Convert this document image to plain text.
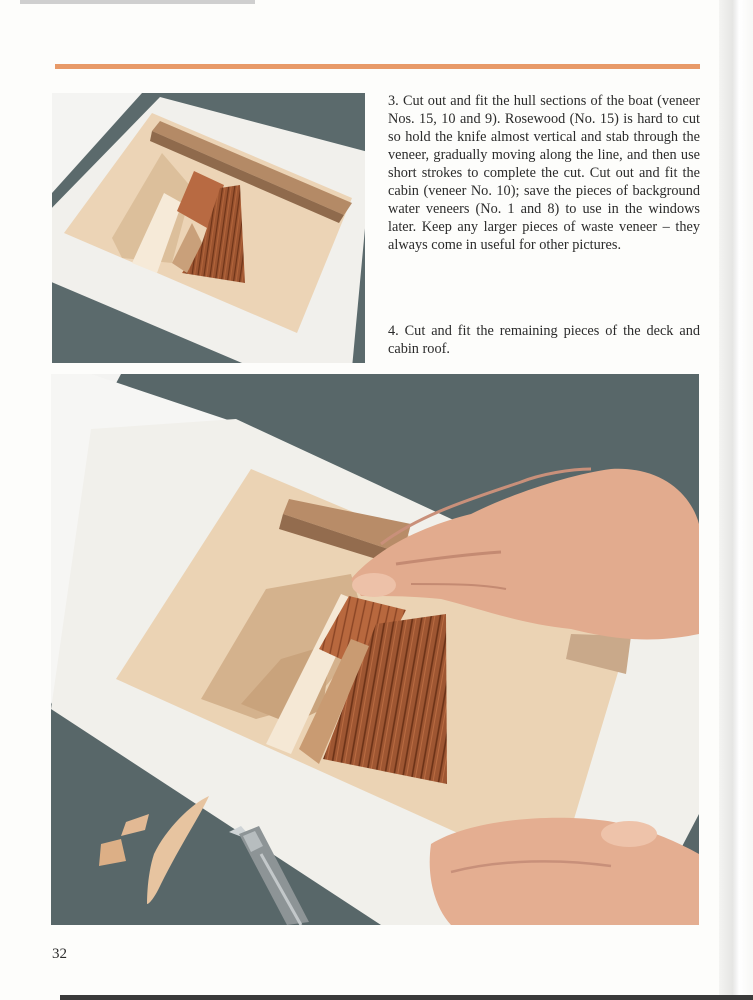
3. Cut out and fit the hull sections of the boat (veneer Nos. 15, 10 and 9). Rosewood (No. 15) is hard to cut so hold the knife almost vertical and stab through the veneer, gradually moving along the line, and then use short strokes to complete the cut. Cut out and fit the cabin (veneer No. 10); save the pieces of background water veneers (No. 1 and 8) to use in the windows later. Keep any larger pieces of waste veneer – they always come in useful for other pictures.

4. Cut and fit the remaining pieces of the deck and cabin roof.

32
